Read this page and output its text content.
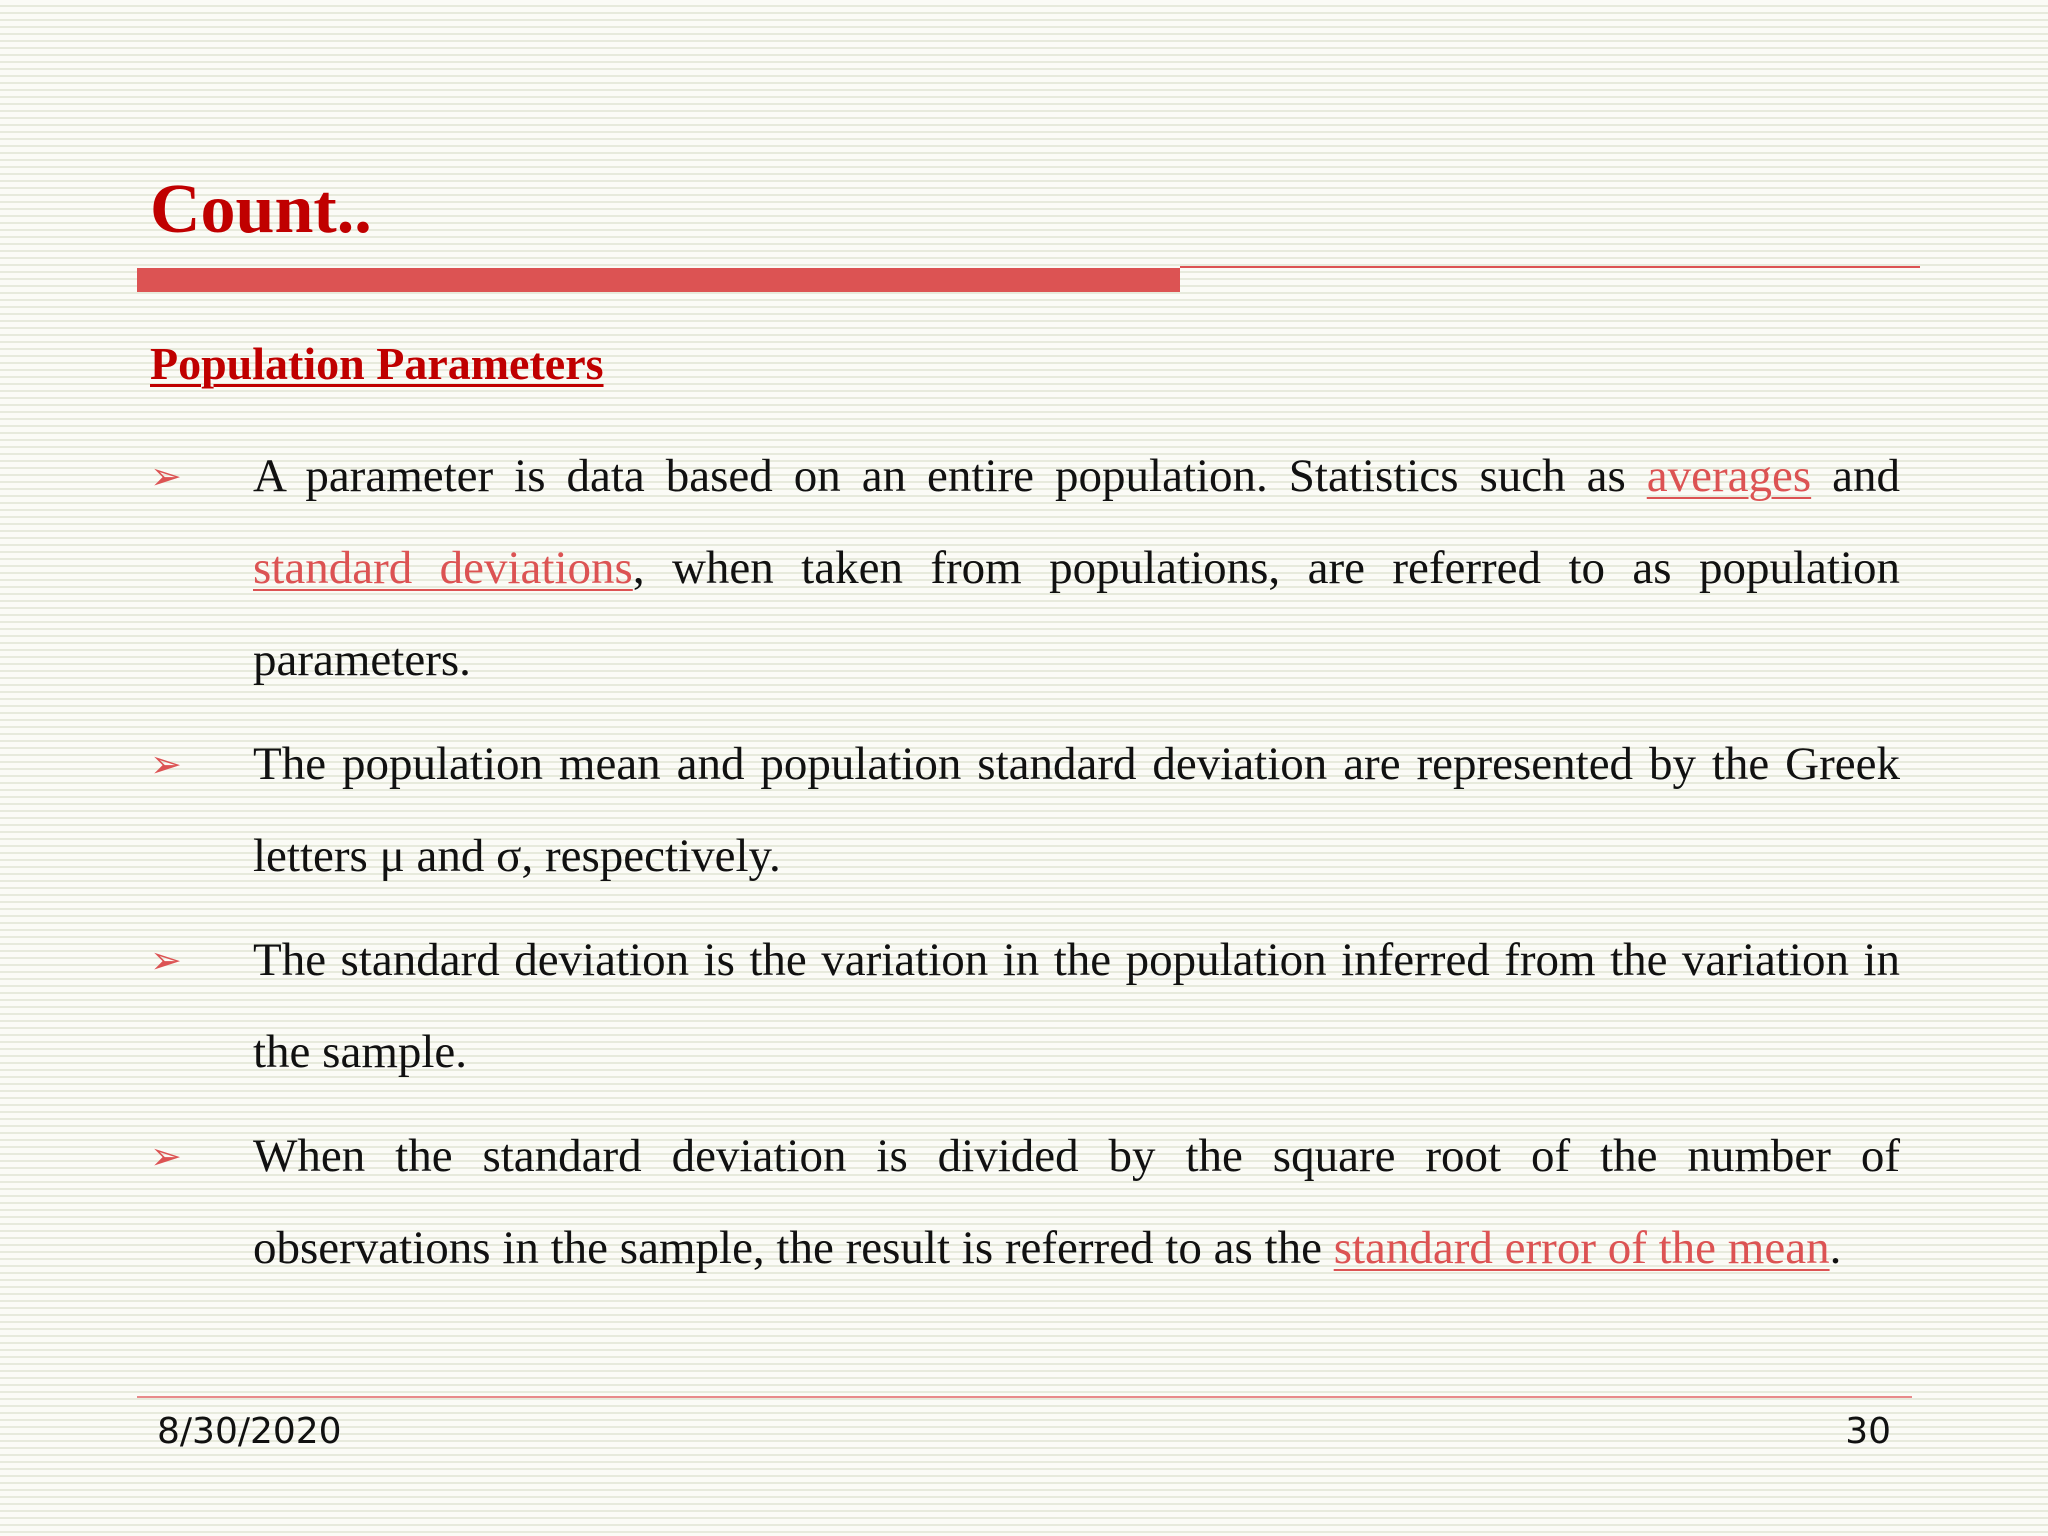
Count..
Population Parameters
➢ A parameter is data based on an entire population. Statistics such as averages and standard deviations, when taken from populations, are referred to as population parameters.

➢ The population mean and population standard deviation are represented by the Greek letters μ and σ, respectively.

➢ The standard deviation is the variation in the population inferred from the variation in the sample.

➢ When the standard deviation is divided by the square root of the number of observations in the sample, the result is referred to as the standard error of the mean.

8/30/2020	30
